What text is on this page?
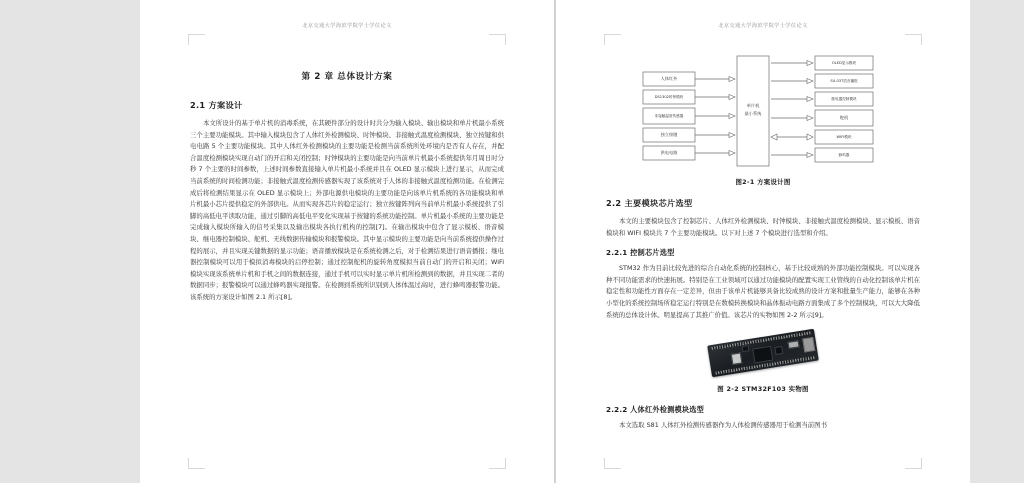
北京交通大学海滨学院学士学位论文
第 2 章 总体设计方案
2.1 方案设计

本文所设计的基于单片机的消毒系统，在其硬件部分的设计时共分为输入模块、输出模块和单片机最小系统三个主要功能模块。其中输入模块包含了人体红外检测模块、时钟模块、非接触式温度检测模块、独立按键和供电电路 5 个主要功能模块。其中人体红外检测模块的主要功能是检测当前系统所处环境内是否有人存在，并配合温度检测模块实现自动门的开启和关闭控制；时钟模块的主要功能是向当前单片机最小系统提供年月周日时分秒 7 个主要的时间参数，上述时间参数直接输入单片机最小系统并且在 OLED 显示模块上进行显示，从而完成当前系统的时间检测功能；非接触式温度检测传感器实现了该系统对于人体的非接触式温度检测功能。在检测完成后将检测结果显示在 OLED 显示模块上；外部电源供电模块的主要功能是向该单片机系统的各功能模块和单片机最小芯片提供稳定的外部供电。从而实现各芯片的稳定运行；独立按键阵列向当前单片机最小系统提供了引脚的高低电平读取功能，通过引脚的高低电平变化实现基于按键的系统功能控制。单片机最小系统的主要功能是完成输入模块所输入的信号采集以及输出模块各执行机构的控制[7]。在输出模块中包含了显示模板、语音模块、继电器控制模块、舵机、无线数据传输模块和报警模块。其中显示模块的主要功能是向当前系统提供操作过程的展示，并且实现关键数据的显示功能；语音播放模块是在系统检测之后，对于检测结果进行语音播报；继电器控制模块可以用于模拟消毒模块的启停控制；通过控制舵机的旋转角度模拟当前自动门的开启和关闭；WiFi 模块实现该系统单片机和手机之间的数据连接，通过手机可以实时显示单片机所检测到的数据，并且实现二者的数据同步；报警模块可以通过蜂鸣器实现报警。在检测到系统所识别到人体体温过高时，进行蜂鸣器报警功能。该系统的方案设计如图 2.1 所示[8]。

北京交通大学海滨学院学士学位论文
单片机
最小系统
人体红外
DS1302时钟模块
非接触温度传感器
独立按键
供电电路
OLED显示模块
SU-03T语音播报
继电器控制模块
舵机
WIFI模块
蜂鸣器
图2-1 方案设计图
2.2 主要模块芯片选型

本文的主要模块包含了控制芯片、人体红外检测模块、时钟模块、非接触式温度检测模块、显示模板、语音模块和 WIFI 模块共 7 个主要功能模块。以下对上述 7 个模块进行选型和介绍。

2.2.1 控制芯片选型

STM32 作为目前比较先进的综合自动化系统的控制核心，基于比较成熟的外部功能控制模块。可以实现各种不同功能需求的快速拓展。特别是在工业领域可以通过功能模块的配置实现工业管线的自动化控制该单片机在稳定性和功能性方面存在一定差异，但由于该单片机能够具备比较成熟的设计方案和批量生产能力，能够在各种小型化的系统控制场所稳定运行特别是在数模转换模块和晶体振动电路方面集成了多个控制模块，可以大大降低系统的总体设计体。明显提高了其推广价值。该芯片的实物如图 2-2 所示[9]。

图 2-2 STM32F103 实物图
2.2.2 人体红外检测模块选型

本文选取 S81 人体红外检测传感器作为人体检测传感器用于检测当前图书
